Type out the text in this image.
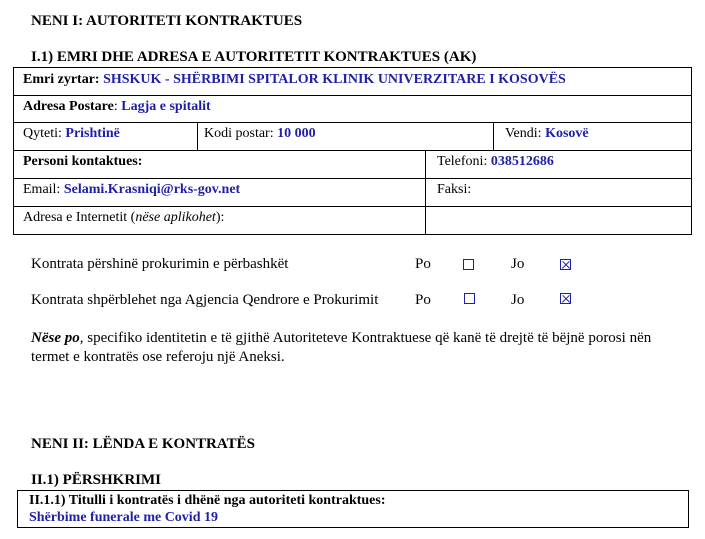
NENI I: AUTORITETI KONTRAKTUES
I.1) EMRI DHE ADRESA E AUTORITETIT KONTRAKTUES (AK)
Emri zyrtar: SHSKUK - SHËRBIMI SPITALOR KLINIK UNIVERZITARE I KOSOVËS
Adresa Postare: Lagja e spitalit
Qyteti: Prishtinë	Kodi postar: 10 000	Vendi: Kosovë
Personi kontaktues:	Telefoni: 038512686
Email: Selami.Krasniqi@rks-gov.net	Faksi:
Adresa e Internetit (nëse aplikohet):
Kontrata përshinë prokurimin e përbashkët	Po	Jo
Kontrata shpërblehet nga Agjencia Qendrore e Prokurimit Po	Jo
Nëse po, specifiko identitetin e të gjithë Autoriteteve Kontraktuese që kanë të drejtë të bëjnë porosi nën termet e kontratës ose referoju një Aneksi.
NENI II: LËNDA E KONTRATËS
II.1) PËRSHKRIMI
II.1.1) Titulli i kontratës i dhënë nga autoriteti kontraktues:
Shërbime funerale me Covid 19
